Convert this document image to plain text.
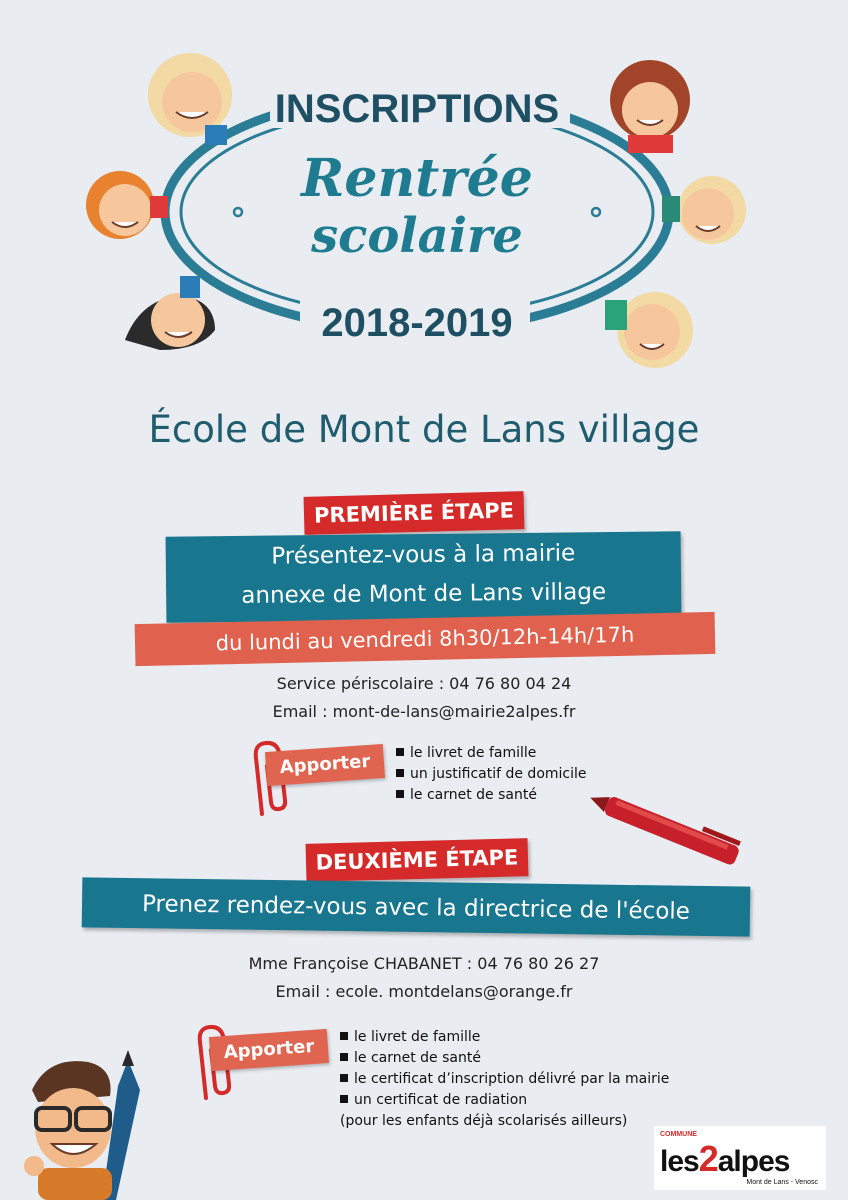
INSCRIPTIONS
Rentrée
scolaire
2018-2019
École de Mont de Lans village
PREMIÈRE ÉTAPE
Présentez-vous à la mairie
annexe de Mont de Lans village
du lundi au vendredi 8h30/12h-14h/17h
Service périscolaire : 04 76 80 04 24
Email : mont-de-lans@mairie2alpes.fr
Apporter	le livret de famille
un justificatif de domicile
le carnet de santé
DEUXIÈME ÉTAPE
Prenez rendez-vous avec la directrice de l'école
Mme Françoise CHABANET : 04 76 80 26 27
Email : ecole. montdelans@orange.fr
Apporter	le livret de famille
le carnet de santé
le certificat d’inscription délivré par la mairie
un certificat de radiation
(pour les enfants déjà scolarisés ailleurs)
COMMUNE
les2alpes
Mont de Lans - Venosc
